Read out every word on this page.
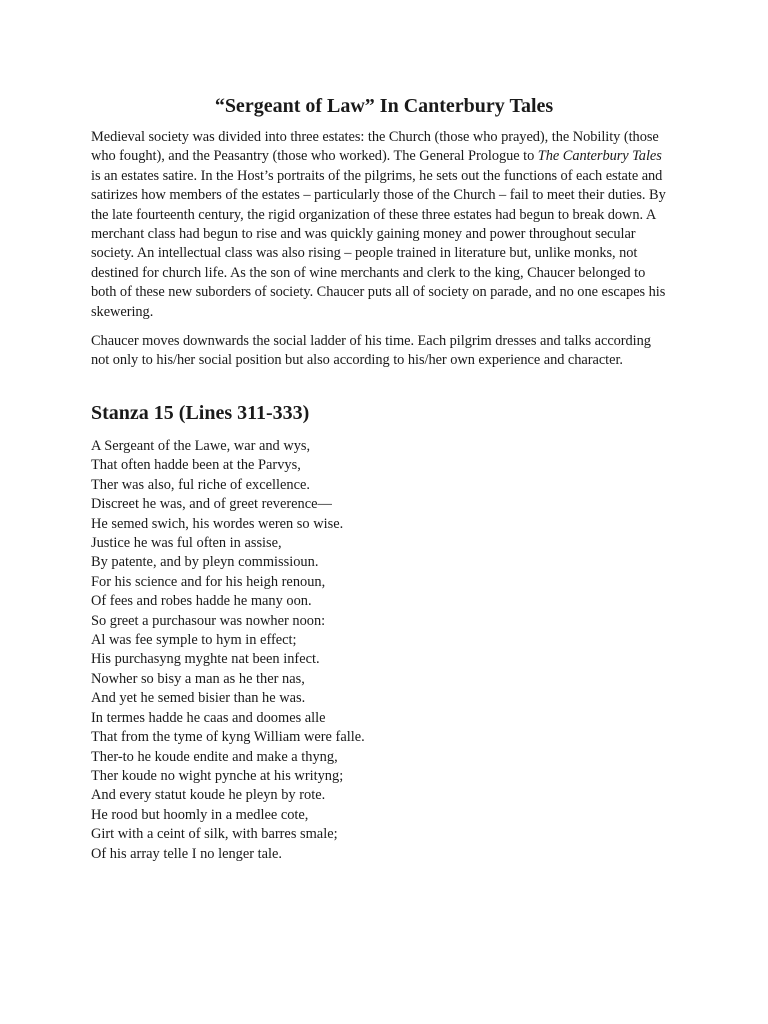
“Sergeant of Law” In Canterbury Tales

Medieval society was divided into three estates: the Church (those who prayed), the Nobility (those who fought), and the Peasantry (those who worked). The General Prologue to The Canterbury Tales is an estates satire. In the Host’s portraits of the pilgrims, he sets out the functions of each estate and satirizes how members of the estates – particularly those of the Church – fail to meet their duties. By the late fourteenth century, the rigid organization of these three estates had begun to break down. A merchant class had begun to rise and was quickly gaining money and power throughout secular society. An intellectual class was also rising – people trained in literature but, unlike monks, not destined for church life. As the son of wine merchants and clerk to the king, Chaucer belonged to both of these new suborders of society. Chaucer puts all of society on parade, and no one escapes his skewering.

Chaucer moves downwards the social ladder of his time. Each pilgrim dresses and talks according not only to his/her social position but also according to his/her own experience and character.

Stanza 15 (Lines 311-333)
A Sergeant of the Lawe, war and wys,
That often hadde been at the Parvys,
Ther was also, ful riche of excellence.
Discreet he was, and of greet reverence—
He semed swich, his wordes weren so wise.
Justice he was ful often in assise,
By patente, and by pleyn commissioun.
For his science and for his heigh renoun,
Of fees and robes hadde he many oon.
So greet a purchasour was nowher noon:
Al was fee symple to hym in effect;
His purchasyng myghte nat been infect.
Nowher so bisy a man as he ther nas,
And yet he semed bisier than he was.
In termes hadde he caas and doomes alle
That from the tyme of kyng William were falle.
Ther-to he koude endite and make a thyng,
Ther koude no wight pynche at his writyng;
And every statut koude he pleyn by rote.
He rood but hoomly in a medlee cote,
Girt with a ceint of silk, with barres smale;
Of his array telle I no lenger tale.
